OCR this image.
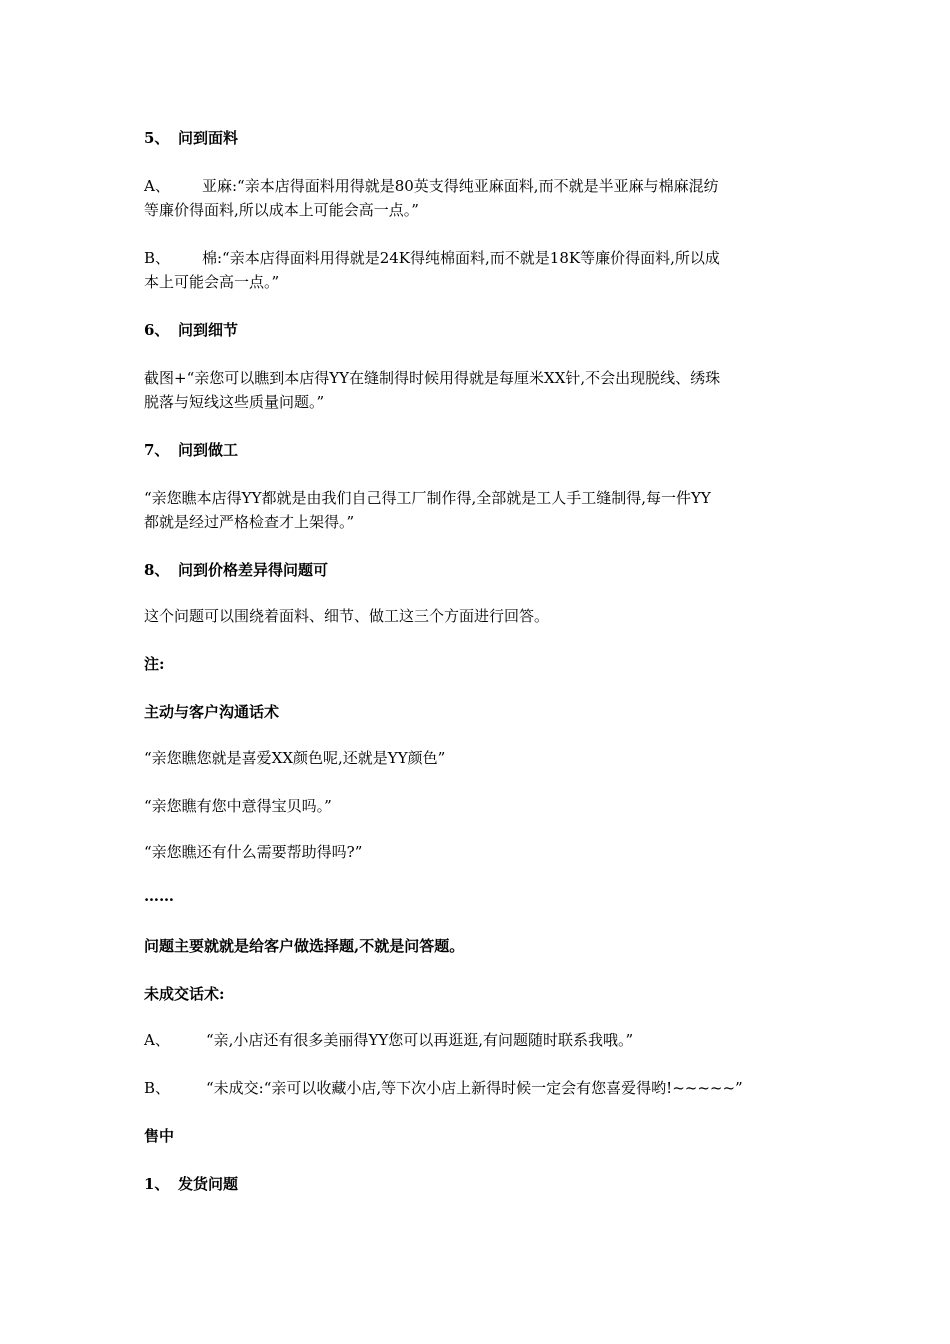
5、 问到面料
A、 亚麻:“亲本店得面料用得就是80英支得纯亚麻面料,而不就是半亚麻与棉麻混纺
等廉价得面料,所以成本上可能会高一点。”
B、 棉:“亲本店得面料用得就是24K得纯棉面料,而不就是18K等廉价得面料,所以成
本上可能会高一点。”
6、 问到细节
截图+“亲您可以瞧到本店得YY在缝制得时候用得就是每厘米XX针,不会出现脱线、绣珠
脱落与短线这些质量问题。”
7、 问到做工
“亲您瞧本店得YY都就是由我们自己得工厂制作得,全部就是工人手工缝制得,每一件YY
都就是经过严格检查才上架得。”
8、 问到价格差异得问题可
这个问题可以围绕着面料、细节、做工这三个方面进行回答。
注:
主动与客户沟通话术
“亲您瞧您就是喜爱XX颜色呢,还就是YY颜色”
“亲您瞧有您中意得宝贝吗。”
“亲您瞧还有什么需要帮助得吗?”
……
问题主要就就是给客户做选择题,不就是问答题。
未成交话术:
A、 “亲,小店还有很多美丽得YY您可以再逛逛,有问题随时联系我哦。”
B、 “未成交:“亲可以收藏小店,等下次小店上新得时候一定会有您喜爱得哟!~~~~~”
售中
1、 发货问题
